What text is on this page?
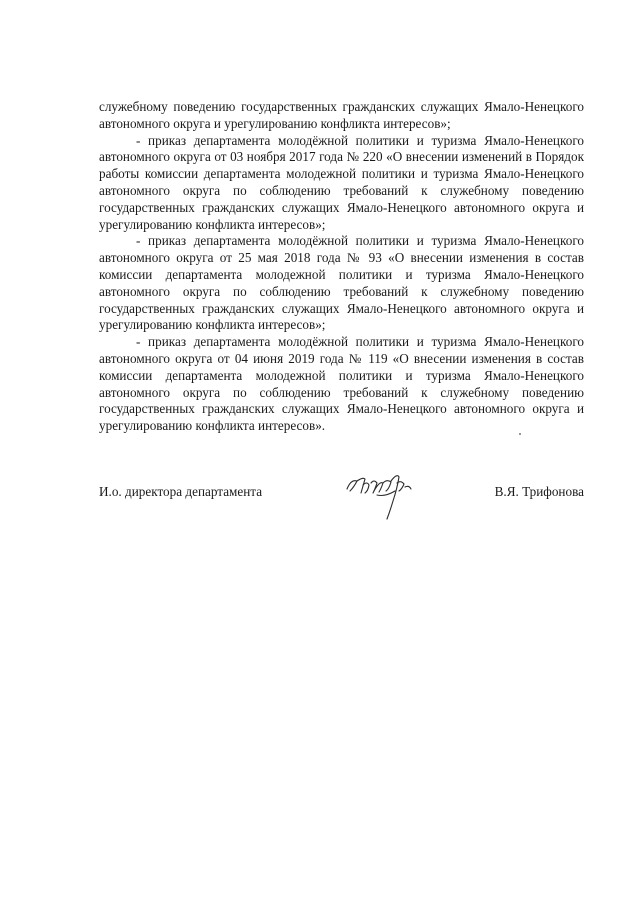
служебному поведению государственных гражданских служащих Ямало-Ненецкого автономного округа и урегулированию конфликта интересов»;

- приказ департамента молодёжной политики и туризма Ямало-Ненецкого автономного округа от 03 ноября 2017 года № 220 «О внесении изменений в Порядок работы комиссии департамента молодежной политики и туризма Ямало-Ненецкого автономного округа по соблюдению требований к служебному поведению государственных гражданских служащих Ямало-Ненецкого автономного округа и урегулированию конфликта интересов»;

- приказ департамента молодёжной политики и туризма Ямало-Ненецкого автономного округа от 25 мая 2018 года № 93 «О внесении изменения в состав комиссии департамента молодежной политики и туризма Ямало-Ненецкого автономного округа по соблюдению требований к служебному поведению государственных гражданских служащих Ямало-Ненецкого автономного округа и урегулированию конфликта интересов»;

- приказ департамента молодёжной политики и туризма Ямало-Ненецкого автономного округа от 04 июня 2019 года № 119 «О внесении изменения в состав комиссии департамента молодежной политики и туризма Ямало-Ненецкого автономного округа по соблюдению требований к служебному поведению государственных гражданских служащих Ямало-Ненецкого автономного округа и урегулированию конфликта интересов».

И.о. директора департамента	В.Я. Трифонова
